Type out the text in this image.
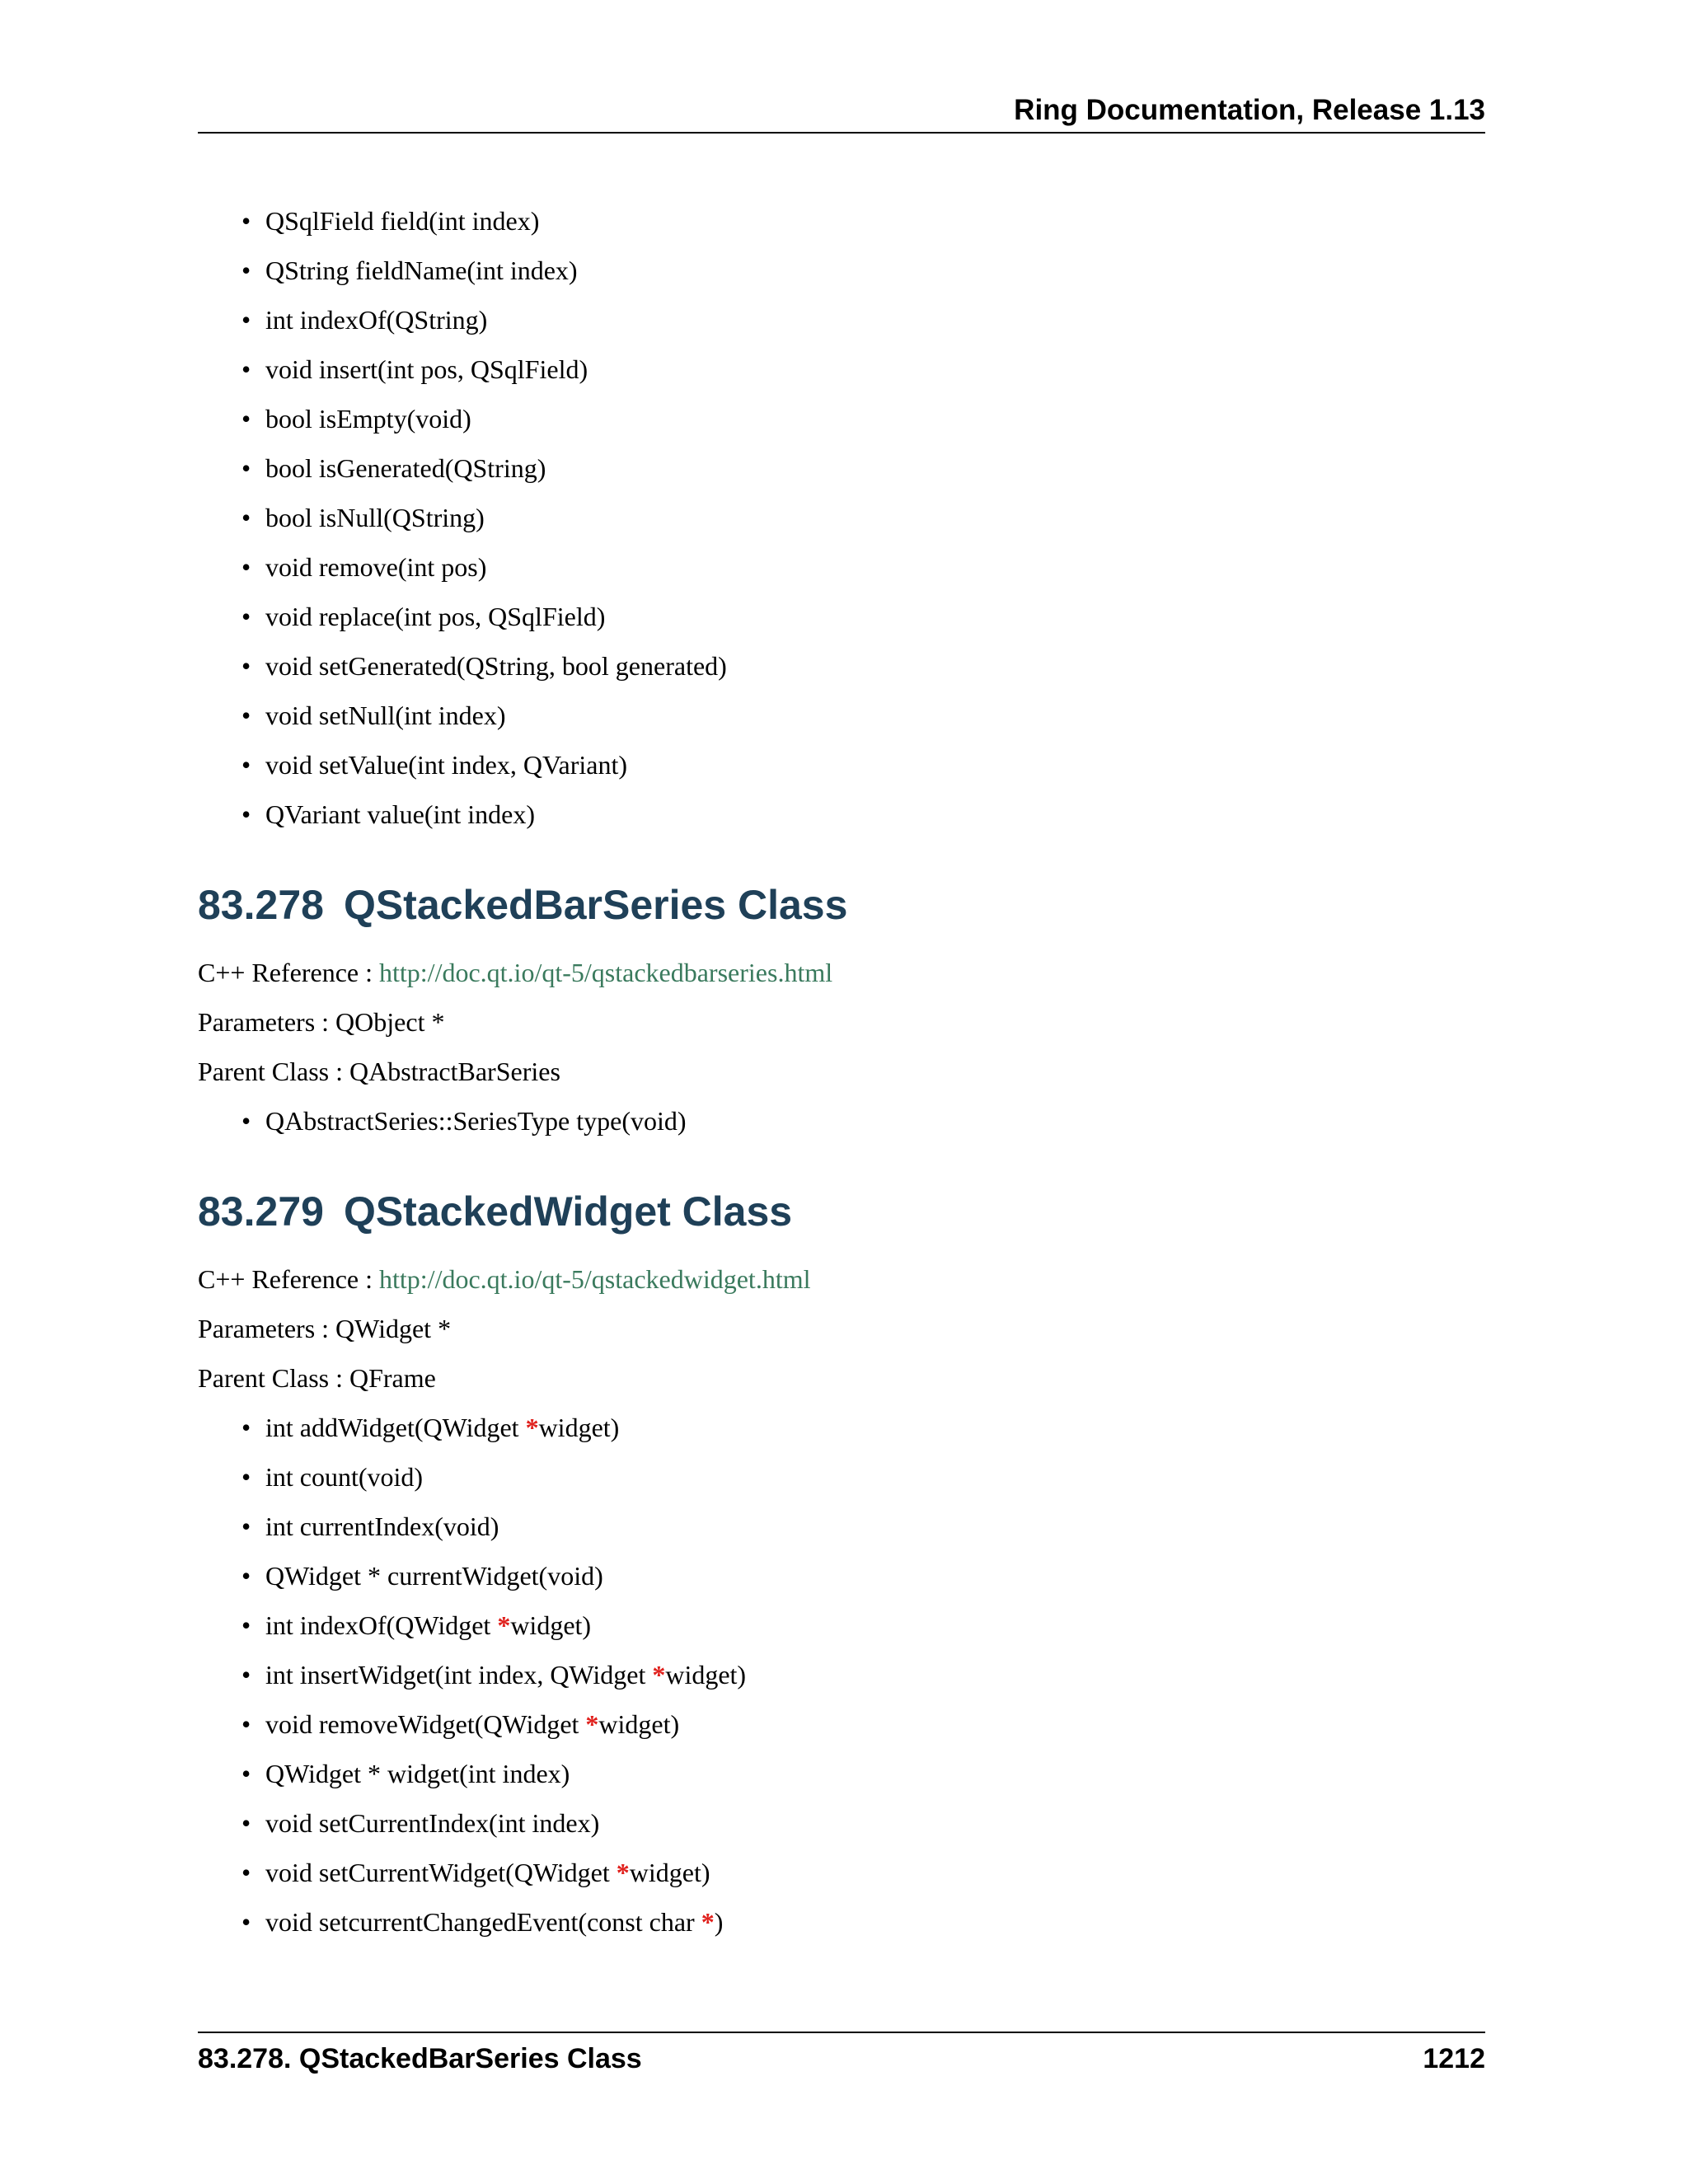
Ring Documentation, Release 1.13
• QSqlField field(int index)
• QString fieldName(int index)
• int indexOf(QString)
• void insert(int pos, QSqlField)
• bool isEmpty(void)
• bool isGenerated(QString)
• bool isNull(QString)
• void remove(int pos)
• void replace(int pos, QSqlField)
• void setGenerated(QString, bool generated)
• void setNull(int index)
• void setValue(int index, QVariant)
• QVariant value(int index)
83.278 QStackedBarSeries Class
C++ Reference : http://doc.qt.io/qt-5/qstackedbarseries.html
Parameters : QObject *
Parent Class : QAbstractBarSeries
• QAbstractSeries::SeriesType type(void)
83.279 QStackedWidget Class
C++ Reference : http://doc.qt.io/qt-5/qstackedwidget.html
Parameters : QWidget *
Parent Class : QFrame
• int addWidget(QWidget *widget)
• int count(void)
• int currentIndex(void)
• QWidget * currentWidget(void)
• int indexOf(QWidget *widget)
• int insertWidget(int index, QWidget *widget)
• void removeWidget(QWidget *widget)
• QWidget * widget(int index)
• void setCurrentIndex(int index)
• void setCurrentWidget(QWidget *widget)
• void setcurrentChangedEvent(const char *)
83.278. QStackedBarSeries Class	1212
